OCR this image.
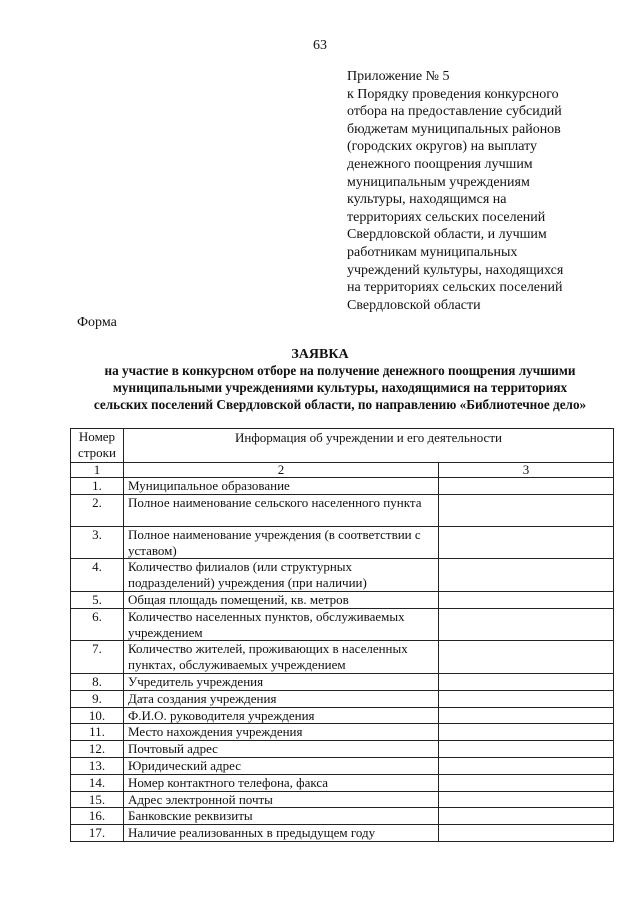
63
Приложение № 5
к Порядку проведения конкурсного
отбора на предоставление субсидий
бюджетам муниципальных районов
(городских округов) на выплату
денежного поощрения лучшим
муниципальным учреждениям
культуры, находящимся на
территориях сельских поселений
Свердловской области, и лучшим
работникам муниципальных
учреждений культуры, находящихся
на территориях сельских поселений
Свердловской области
Форма
ЗАЯВКА
на участие в конкурсном отборе на получение денежного поощрения лучшими
муниципальными учреждениями культуры, находящимися на территориях
сельских поселений Свердловской области, по направлению «Библиотечное дело»
Номер
строки	Информация об учреждении и его деятельности	
1	2	3
1.	Муниципальное образование	
2.	Полное наименование сельского населенного пункта	
3.	Полное наименование учреждения (в соответствии с уставом)	
4.	Количество филиалов (или структурных подразделений) учреждения (при наличии)	
5.	Общая площадь помещений, кв. метров	
6.	Количество населенных пунктов, обслуживаемых учреждением	
7.	Количество жителей, проживающих в населенных пунктах, обслуживаемых учреждением	
8.	Учредитель учреждения	
9.	Дата создания учреждения	
10.	Ф.И.О. руководителя учреждения	
11.	Место нахождения учреждения	
12.	Почтовый адрес	
13.	Юридический адрес	
14.	Номер контактного телефона, факса	
15.	Адрес электронной почты	
16.	Банковские реквизиты	
17.	Наличие реализованных в предыдущем году	
